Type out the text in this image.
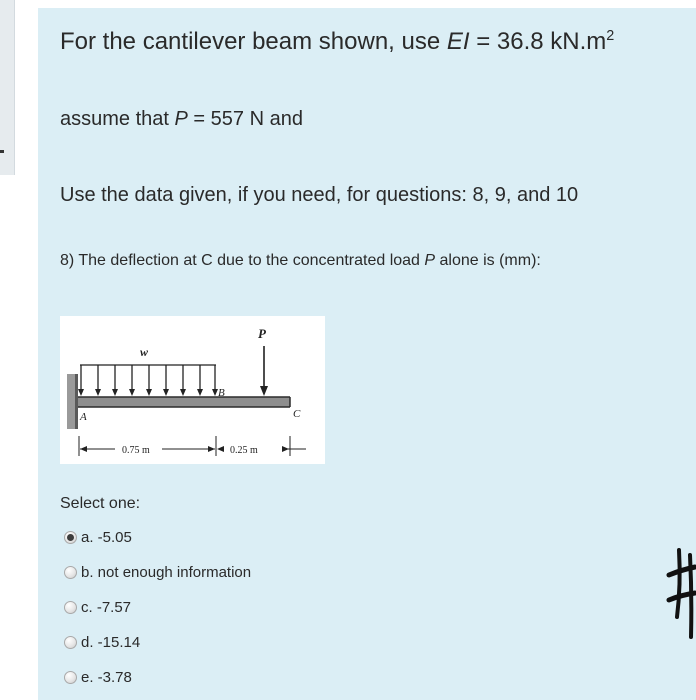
For the cantilever beam shown, use EI = 36.8 $kN.m^2$
assume that P = 557 N and
Use the data given, if you need, for questions: 8, 9, and 10
8) The deflection at C due to the concentrated load P alone is (mm):
w
P
B
C
A
0.75 m	0.25 m
Select one:
a. -5.05
b. not enough information
c. -7.57
d. -15.14
e. -3.78
